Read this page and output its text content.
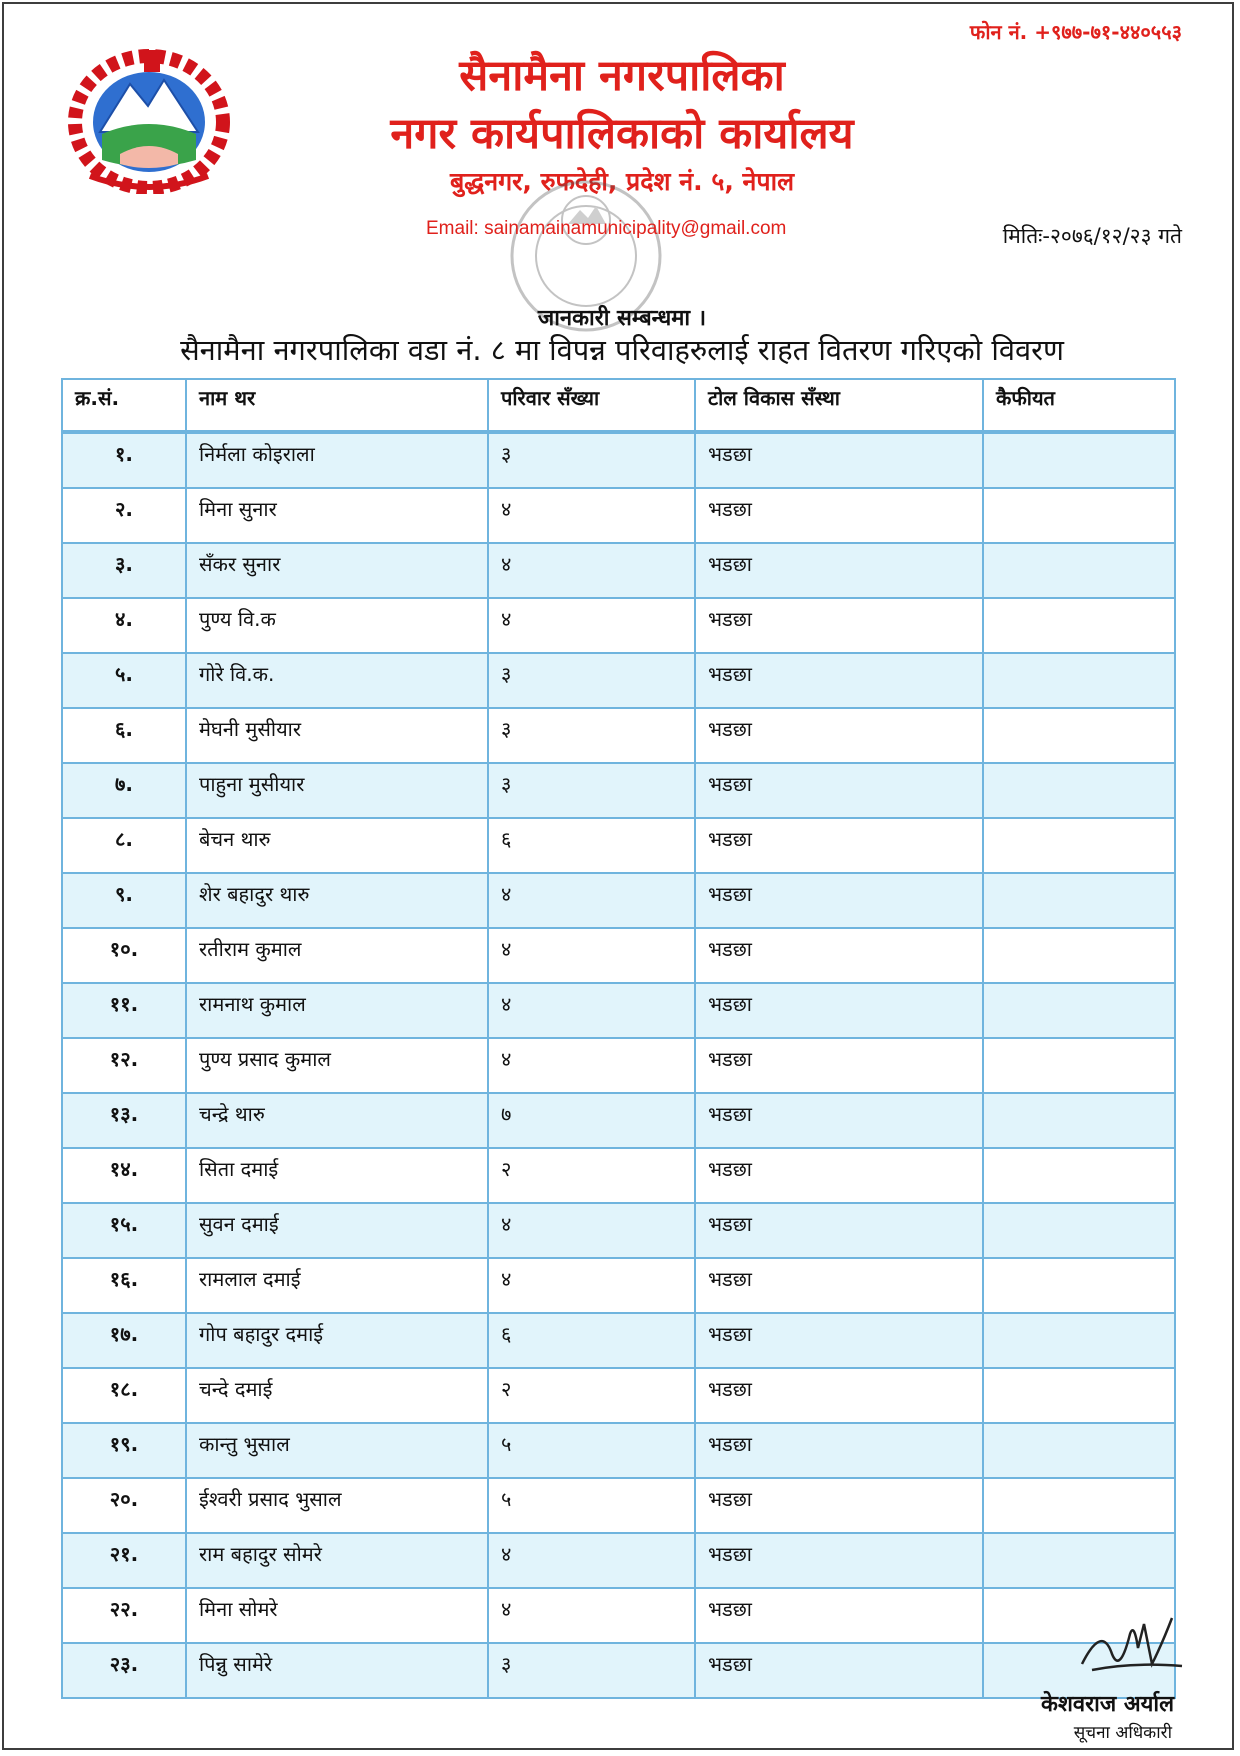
फोन नं. +९७७-७१-४४०५५३
सैनामैना नगरपालिका
नगर कार्यपालिकाको कार्यालय
बुद्धनगर, रुफदेही, प्रदेश नं. ५, नेपाल
Email: sainamainamunicipality@gmail.com	मितिः-२०७६/१२/२३ गते
जानकारी सम्बन्धमा ।
सैनामैना नगरपालिका वडा नं. ८ मा विपन्न परिवाहरुलाई राहत वितरण गरिएको विवरण
क्र.सं.	नाम थर	परिवार सँख्या	टोल विकास सँस्था	कैफीयत

१.	निर्मला कोइराला	३	भडछा	

२.	मिना सुनार	४	भडछा	

३.	सँकर सुनार	४	भडछा	

४.	पुण्य वि.क	४	भडछा	

५.	गोरे वि.क.	३	भडछा	

६.	मेघनी मुसीयार	३	भडछा	

७.	पाहुना मुसीयार	३	भडछा	

८.	बेचन थारु	६	भडछा	

९.	शेर बहादुर थारु	४	भडछा	

१०.	रतीराम कुमाल	४	भडछा	

११.	रामनाथ कुमाल	४	भडछा	

१२.	पुण्य प्रसाद कुमाल	४	भडछा	

१३.	चन्द्रे थारु	७	भडछा	

१४.	सिता दमाई	२	भडछा	

१५.	सुवन दमाई	४	भडछा	

१६.	रामलाल दमाई	४	भडछा	

१७.	गोप बहादुर दमाई	६	भडछा	

१८.	चन्दे दमाई	२	भडछा	

१९.	कान्तु भुसाल	५	भडछा	

२०.	ईश्वरी प्रसाद भुसाल	५	भडछा	

२१.	राम बहादुर सोमरे	४	भडछा	

२२.	मिना सोमरे	४	भडछा	

२३.	पिन्नु सामेरे	३	भडछा	

केशवराज अर्याल
सूचना अधिकारी
